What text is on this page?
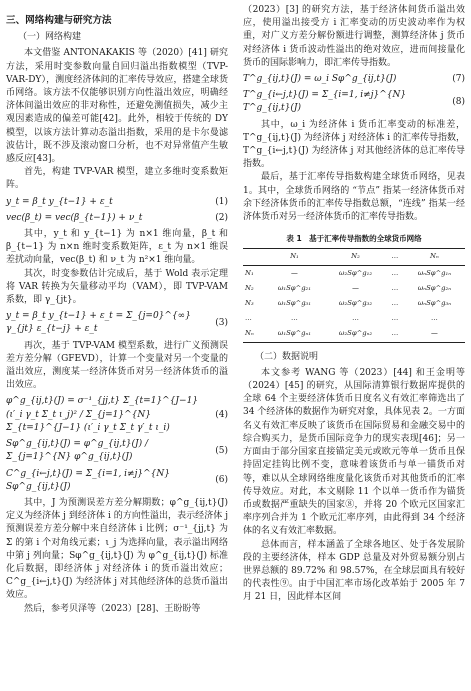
三、网络构建与研究方法
（一）网络构建

本文借鉴 ANTONAKAKIS 等（2020）[41] 研究方法，采用时变参数向量自回归溢出指数模型（TVP-VAR-DY），测度经济体间的汇率传导效应，搭建全球货币网络。该方法不仅能够识别方向性溢出效应，明确经济体间溢出效应的非对称性，还避免测值损失，减少主观因素造成的偏差可能[42]。此外，相较于传统的 DY 模型，以该方法计算动态溢出指数，采用的是卡尔曼滤波估计，既不涉及滚动窗口分析，也不对异常值产生敏感反应[43]。

首先，构建 TVP-VAR 模型，建立多维时变系数矩阵。

y_t = β_t y_{t−1} + ε_t	(1)
vec(β_t) = vec(β_{t−1}) + ν_t	(2)

其中，y_t 和 y_{t−1} 为 n×1 维向量，β_t 和 β_{t−1} 为 n×n 维时变系数矩阵，ε_t 为 n×1 维误差扰动向量，vec(β_t) 和 ν_t 为 n²×1 维向量。

其次，时变参数估计完成后，基于 Wold 表示定理将 VAR 转换为矢量移动平均（VAM），即 TVP-VAM 系数，即 γ_{jt}。

y_t = β_t y_{t−1} + ε_t = Σ_{j=0}^{∞} γ_{jt} ε_{t−j} + ε_t
(3)

再次，基于 TVP-VAM 模型系数，进行广义预测误差方差分解（GFEVD），计算一个变量对另一个变量的溢出效应，测度某一经济体货币对另一经济体货币的溢出效应。

φ^g_{ij,t}(J) = σ⁻¹_{jj,t} Σ_{t=1}^{J−1} (ι′_i γ_t Σ_t ι_j)² / Σ_{j=1}^{N} Σ_{t=1}^{J−1} (ι′_i γ_t Σ_t γ′_t ι_i)
(4)
Sφ^g_{ij,t}(J) = φ^g_{ij,t}(J) / Σ_{j=1}^{N} φ^g_{ij,t}(J)
(5)
C^g_{i←j,t}(J) = Σ_{i=1, i≠j}^{N} Sφ^g_{ij,t}(J)
(6)

其中，J 为预测误差方差分解期数；φ^g_{ij,t}(J) 定义为经济体 j 到经济体 i 的方向性溢出，表示经济体 j 预测误差方差分解中来自经济体 i 比例；σ⁻¹_{jj,t} 为 Σ 的第 i 个对角线元素；ι_j 为选择向量，表示溢出网络中第 j 列向量；Sφ^g_{ij,t}(J) 为 φ^g_{ij,t}(J) 标准化后数据，即经济体 j 对经济体 i 的货币溢出效应；C^g_{i←j,t}(J) 为经济体 j 对其他经济体的总货币溢出效应。

然后，参考贝泽等（2023）[28]、王盼盼等

（2023）[3] 的研究方法，基于经济体间货币溢出效应，使用溢出接受方 i 汇率变动的历史波动率作为权重，对广义方差分解份额进行调整，测算经济体 j 货币对经济体 i 货币波动性溢出的绝对效应，进而间接量化货币的国际影响力，即汇率传导指数。

T^g_{ij,t}(J) = ω_i Sφ^g_{ij,t}(J)	(7)
T^g_{i←j,t}(J) = Σ_{i=1, i≠j}^{N} T^g_{ij,t}(J)
(8)

其中，ω_i 为经济体 i 货币汇率变动的标准差，T^g_{ij,t}(J) 为经济体 j 对经济体 i 的汇率传导指数，T^g_{i←j,t}(J) 为经济体 j 对其他经济体的总汇率传导指数。

最后，基于汇率传导指数构建全球货币网络，见表 1。其中，全球货币网络的 “节点” 指某一经济体货币对余下经济体货币的汇率传导指数总额，“连线” 指某一经济体货币对另一经济体货币的汇率传导指数。

表 1　基于汇率传导指数的全球货币网络
	N₁	N₂	…	Nₙ
N₁	—	ω₂Sφ^g₁₂	…	ωₙSφ^g₁ₙ
N₂	ω₁Sφ^g₂₁	—	…	ωₙSφ^g₂ₙ
N₃	ω₁Sφ^g₃₁	ω₂Sφ^g₃₂	…	ωₙSφ^g₃ₙ
…	…	…	…	…
Nₙ	ω₁Sφ^gₙ₁	ω₂Sφ^gₙ₂	…	—
（二）数据说明

本文参考 WANG 等（2023）[44] 和王金明等（2024）[45] 的研究，从国际清算银行数据库提供的全球 64 个主要经济体货币日度名义有效汇率筛选出了 34 个经济体的数据作为研究对象，具体见表 2。一方面名义有效汇率反映了该货币在国际贸易和金融交易中的综合购买力，是货币国际竞争力的现实表现[46]；另一方面由于部分国家直接锚定美元或欧元等单一货币且保持固定挂钩比例不变，意味着该货币与单一锚货币对等，难以从全球网络维度量化该货币对其他货币的汇率传导效应。对此，本文剔除 11 个以单一货币作为锚货币或数据严重缺失的国家⑧，并将 20 个欧元区国家汇率序列合并为 1 个欧元汇率序列，由此得到 34 个经济体的名义有效汇率数据。

总体而言，样本涵盖了全球各地区、处于各发展阶段的主要经济体，样本 GDP 总量及对外贸易额分别占世界总额的 89.72% 和 98.57%，在全球层面具有较好的代表性⑨。由于中国汇率市场化改革始于 2005 年 7 月 21 日，因此样本区间
